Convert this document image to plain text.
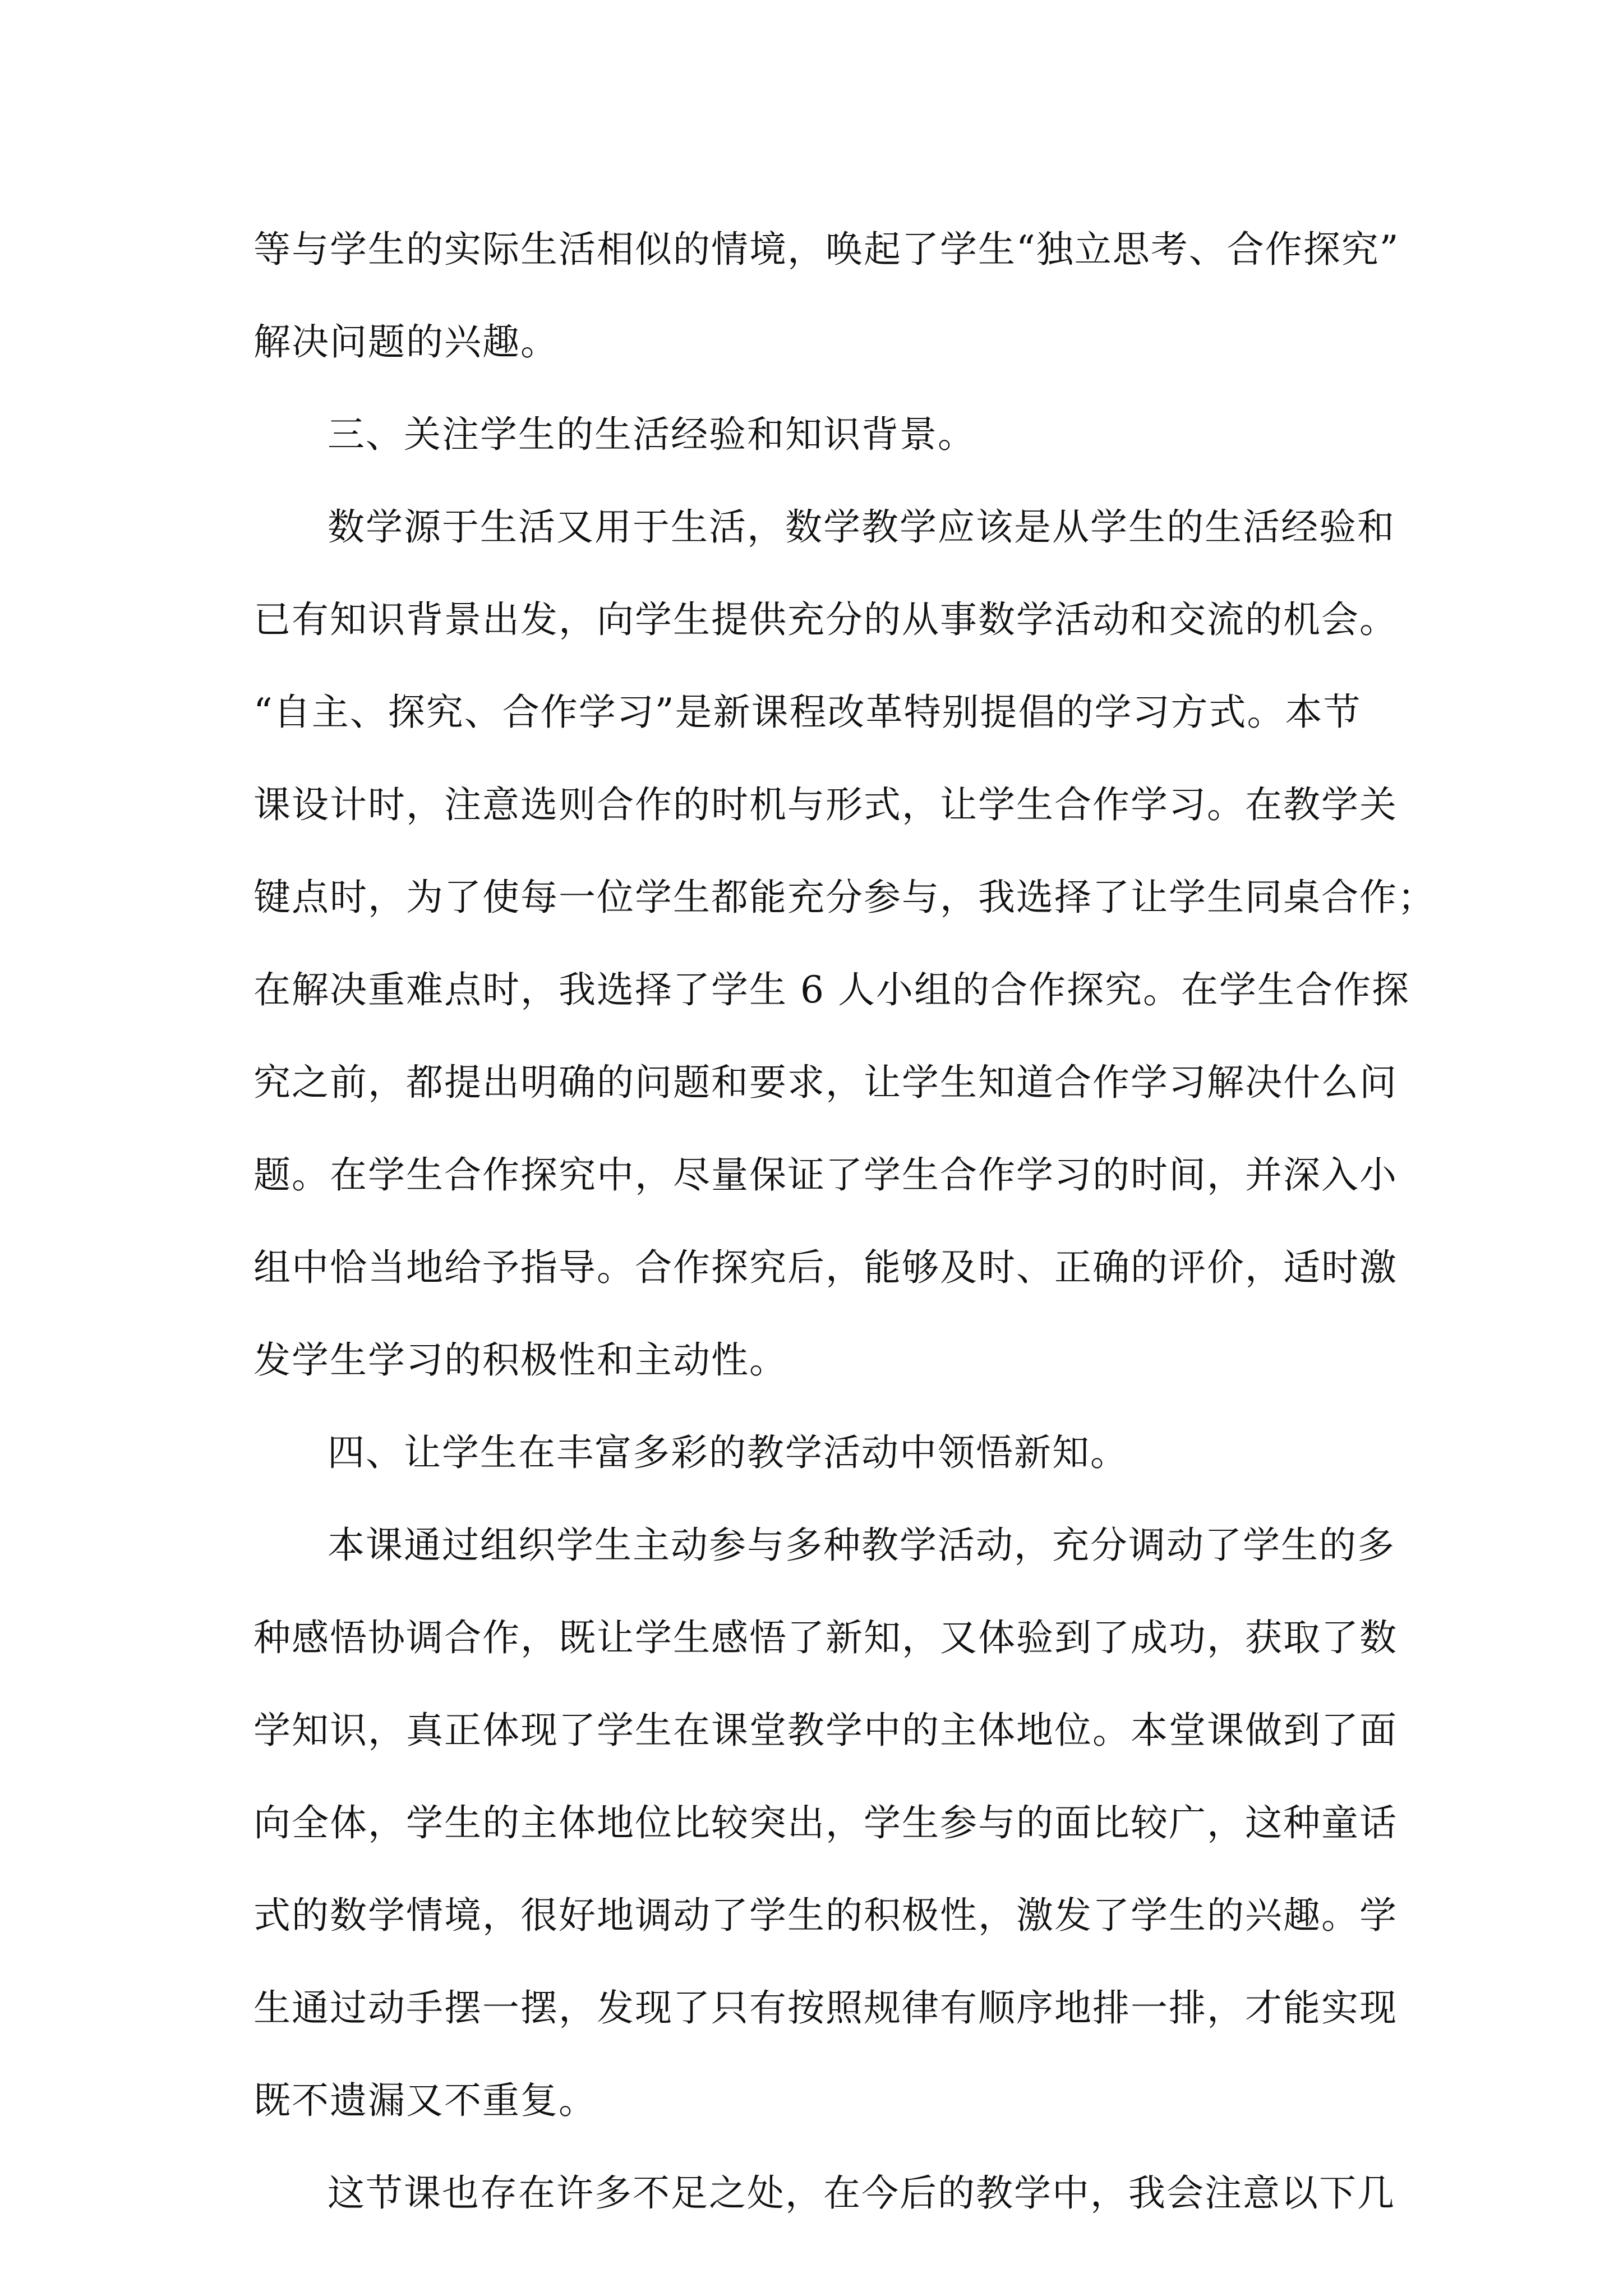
等与学生的实际生活相似的情境，唤起了学生“独立思考、合作探究”
解决问题的兴趣。
三、关注学生的生活经验和知识背景。
数学源于生活又用于生活，数学教学应该是从学生的生活经验和
已有知识背景出发，向学生提供充分的从事数学活动和交流的机会。
“自主、探究、合作学习”是新课程改革特别提倡的学习方式。本节
课设计时，注意选则合作的时机与形式，让学生合作学习。在教学关
键点时，为了使每一位学生都能充分参与，我选择了让学生同桌合作；
在解决重难点时，我选择了学生 6 人小组的合作探究。在学生合作探
究之前，都提出明确的问题和要求，让学生知道合作学习解决什么问
题。在学生合作探究中，尽量保证了学生合作学习的时间，并深入小
组中恰当地给予指导。合作探究后，能够及时、正确的评价，适时激
发学生学习的积极性和主动性。
四、让学生在丰富多彩的教学活动中领悟新知。
本课通过组织学生主动参与多种教学活动，充分调动了学生的多
种感悟协调合作，既让学生感悟了新知，又体验到了成功，获取了数
学知识，真正体现了学生在课堂教学中的主体地位。本堂课做到了面
向全体，学生的主体地位比较突出，学生参与的面比较广，这种童话
式的数学情境，很好地调动了学生的积极性，激发了学生的兴趣。学
生通过动手摆一摆，发现了只有按照规律有顺序地排一排，才能实现
既不遗漏又不重复。
这节课也存在许多不足之处，在今后的教学中，我会注意以下几
